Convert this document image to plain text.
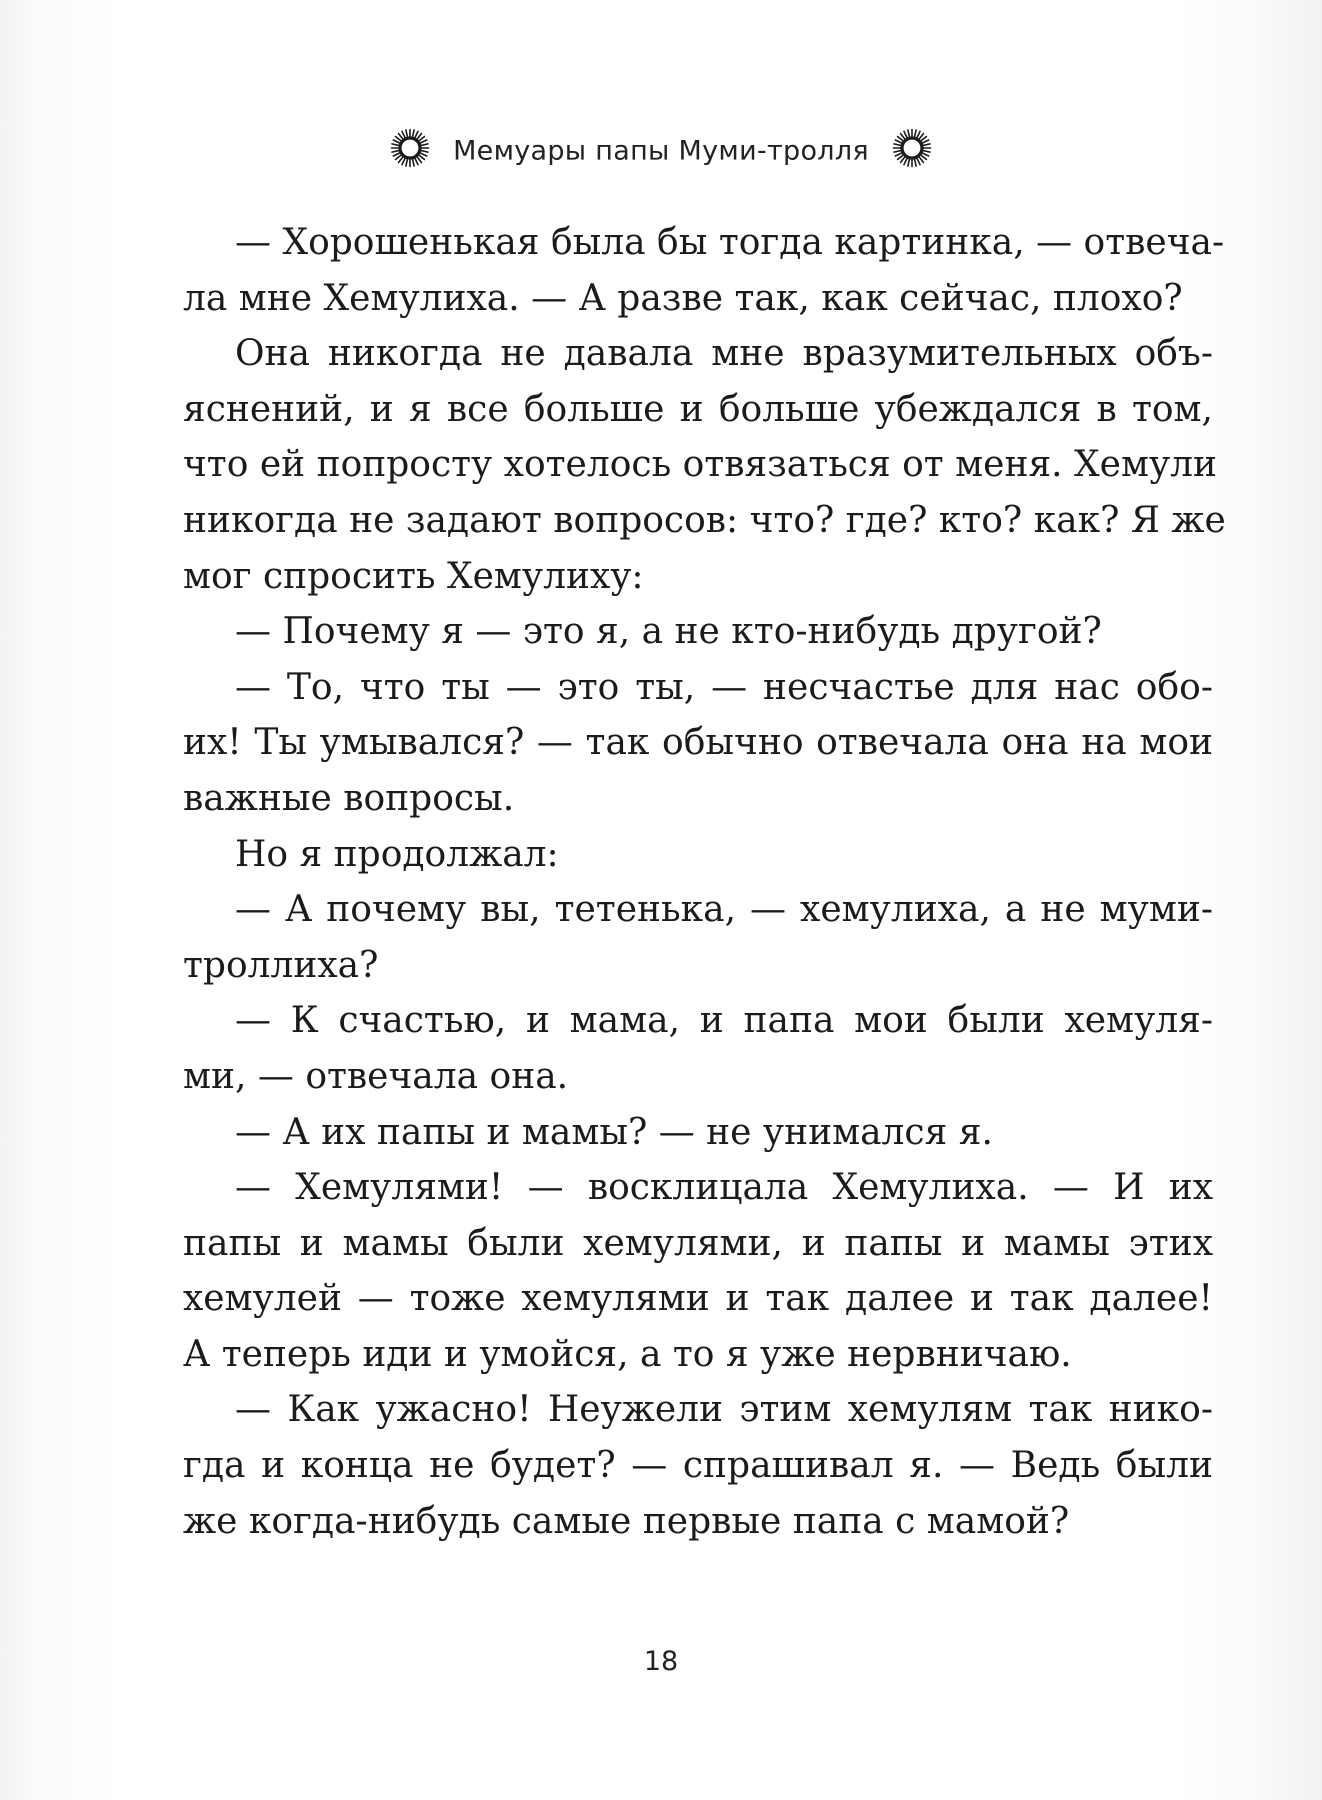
Мемуары папы Муми-тролля
— Хорошенькая была бы тогда картинка, — отвеча-
ла мне Хемулиха. — А разве так, как сейчас, плохо?
Она никогда не давала мне вразумительных объ-
яснений, и я все больше и больше убеждался в том,
что ей попросту хотелось отвязаться от меня. Хемули
никогда не задают вопросов: что? где? кто? как? Я же
мог спросить Хемулиху:
— Почему я — это я, а не кто-нибудь другой?
— То, что ты — это ты, — несчастье для нас обо-
их! Ты умывался? — так обычно отвечала она на мои
важные вопросы.
Но я продолжал:
— А почему вы, тетенька, — хемулиха, а не муми-
троллиха?
— К счастью, и мама, и папа мои были хемуля-
ми, — отвечала она.
— А их папы и мамы? — не унимался я.
— Хемулями! — восклицала Хемулиха. — И их
папы и мамы были хемулями, и папы и мамы этих
хемулей — тоже хемулями и так далее и так далее!
А теперь иди и умойся, а то я уже нервничаю.
— Как ужасно! Неужели этим хемулям так нико-
гда и конца не будет? — спрашивал я. — Ведь были
же когда-нибудь самые первые папа с мамой?
18
